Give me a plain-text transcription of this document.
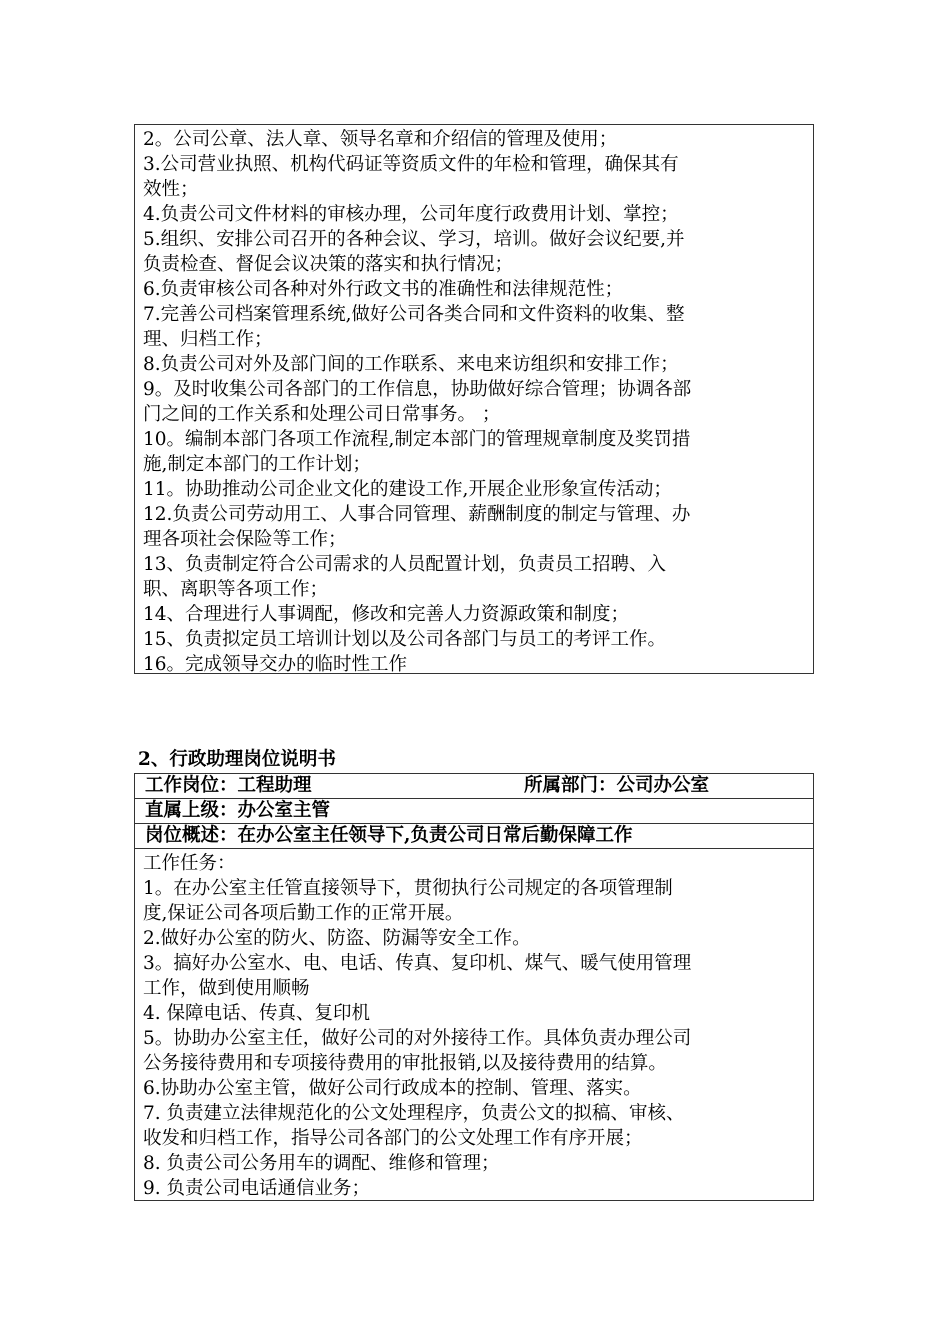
2。公司公章、法人章、领导名章和介绍信的管理及使用；
3.公司营业执照、机构代码证等资质文件的年检和管理，确保其有
效性；
4.负责公司文件材料的审核办理，公司年度行政费用计划、掌控；
5.组织、安排公司召开的各种会议、学习，培训。做好会议纪要,并
负责检查、督促会议决策的落实和执行情况；
6.负责审核公司各种对外行政文书的准确性和法律规范性；
7.完善公司档案管理系统,做好公司各类合同和文件资料的收集、整
理、归档工作；
8.负责公司对外及部门间的工作联系、来电来访组织和安排工作；
9。及时收集公司各部门的工作信息，协助做好综合管理；协调各部
门之间的工作关系和处理公司日常事务。 ；
10。编制本部门各项工作流程,制定本部门的管理规章制度及奖罚措
施,制定本部门的工作计划；
11。协助推动公司企业文化的建设工作,开展企业形象宣传活动；
12.负责公司劳动用工、人事合同管理、薪酬制度的制定与管理、办
理各项社会保险等工作；
13、负责制定符合公司需求的人员配置计划，负责员工招聘、入
职、离职等各项工作；
14、合理进行人事调配，修改和完善人力资源政策和制度；
15、负责拟定员工培训计划以及公司各部门与员工的考评工作。
16。完成领导交办的临时性工作
2、行政助理岗位说明书
工作岗位：工程助理	所属部门：公司办公室
直属上级：办公室主管
岗位概述：在办公室主任领导下,负责公司日常后勤保障工作
工作任务：
1。在办公室主任管直接领导下，贯彻执行公司规定的各项管理制
度,保证公司各项后勤工作的正常开展。
2.做好办公室的防火、防盗、防漏等安全工作。
3。搞好办公室水、电、电话、传真、复印机、煤气、暖气使用管理
工作，做到使用顺畅
4. 保障电话、传真、复印机
5。协助办公室主任，做好公司的对外接待工作。具体负责办理公司
公务接待费用和专项接待费用的审批报销,以及接待费用的结算。
6.协助办公室主管，做好公司行政成本的控制、管理、落实。
7. 负责建立法律规范化的公文处理程序，负责公文的拟稿、审核、
收发和归档工作，指导公司各部门的公文处理工作有序开展；
8. 负责公司公务用车的调配、维修和管理；
9. 负责公司电话通信业务；
